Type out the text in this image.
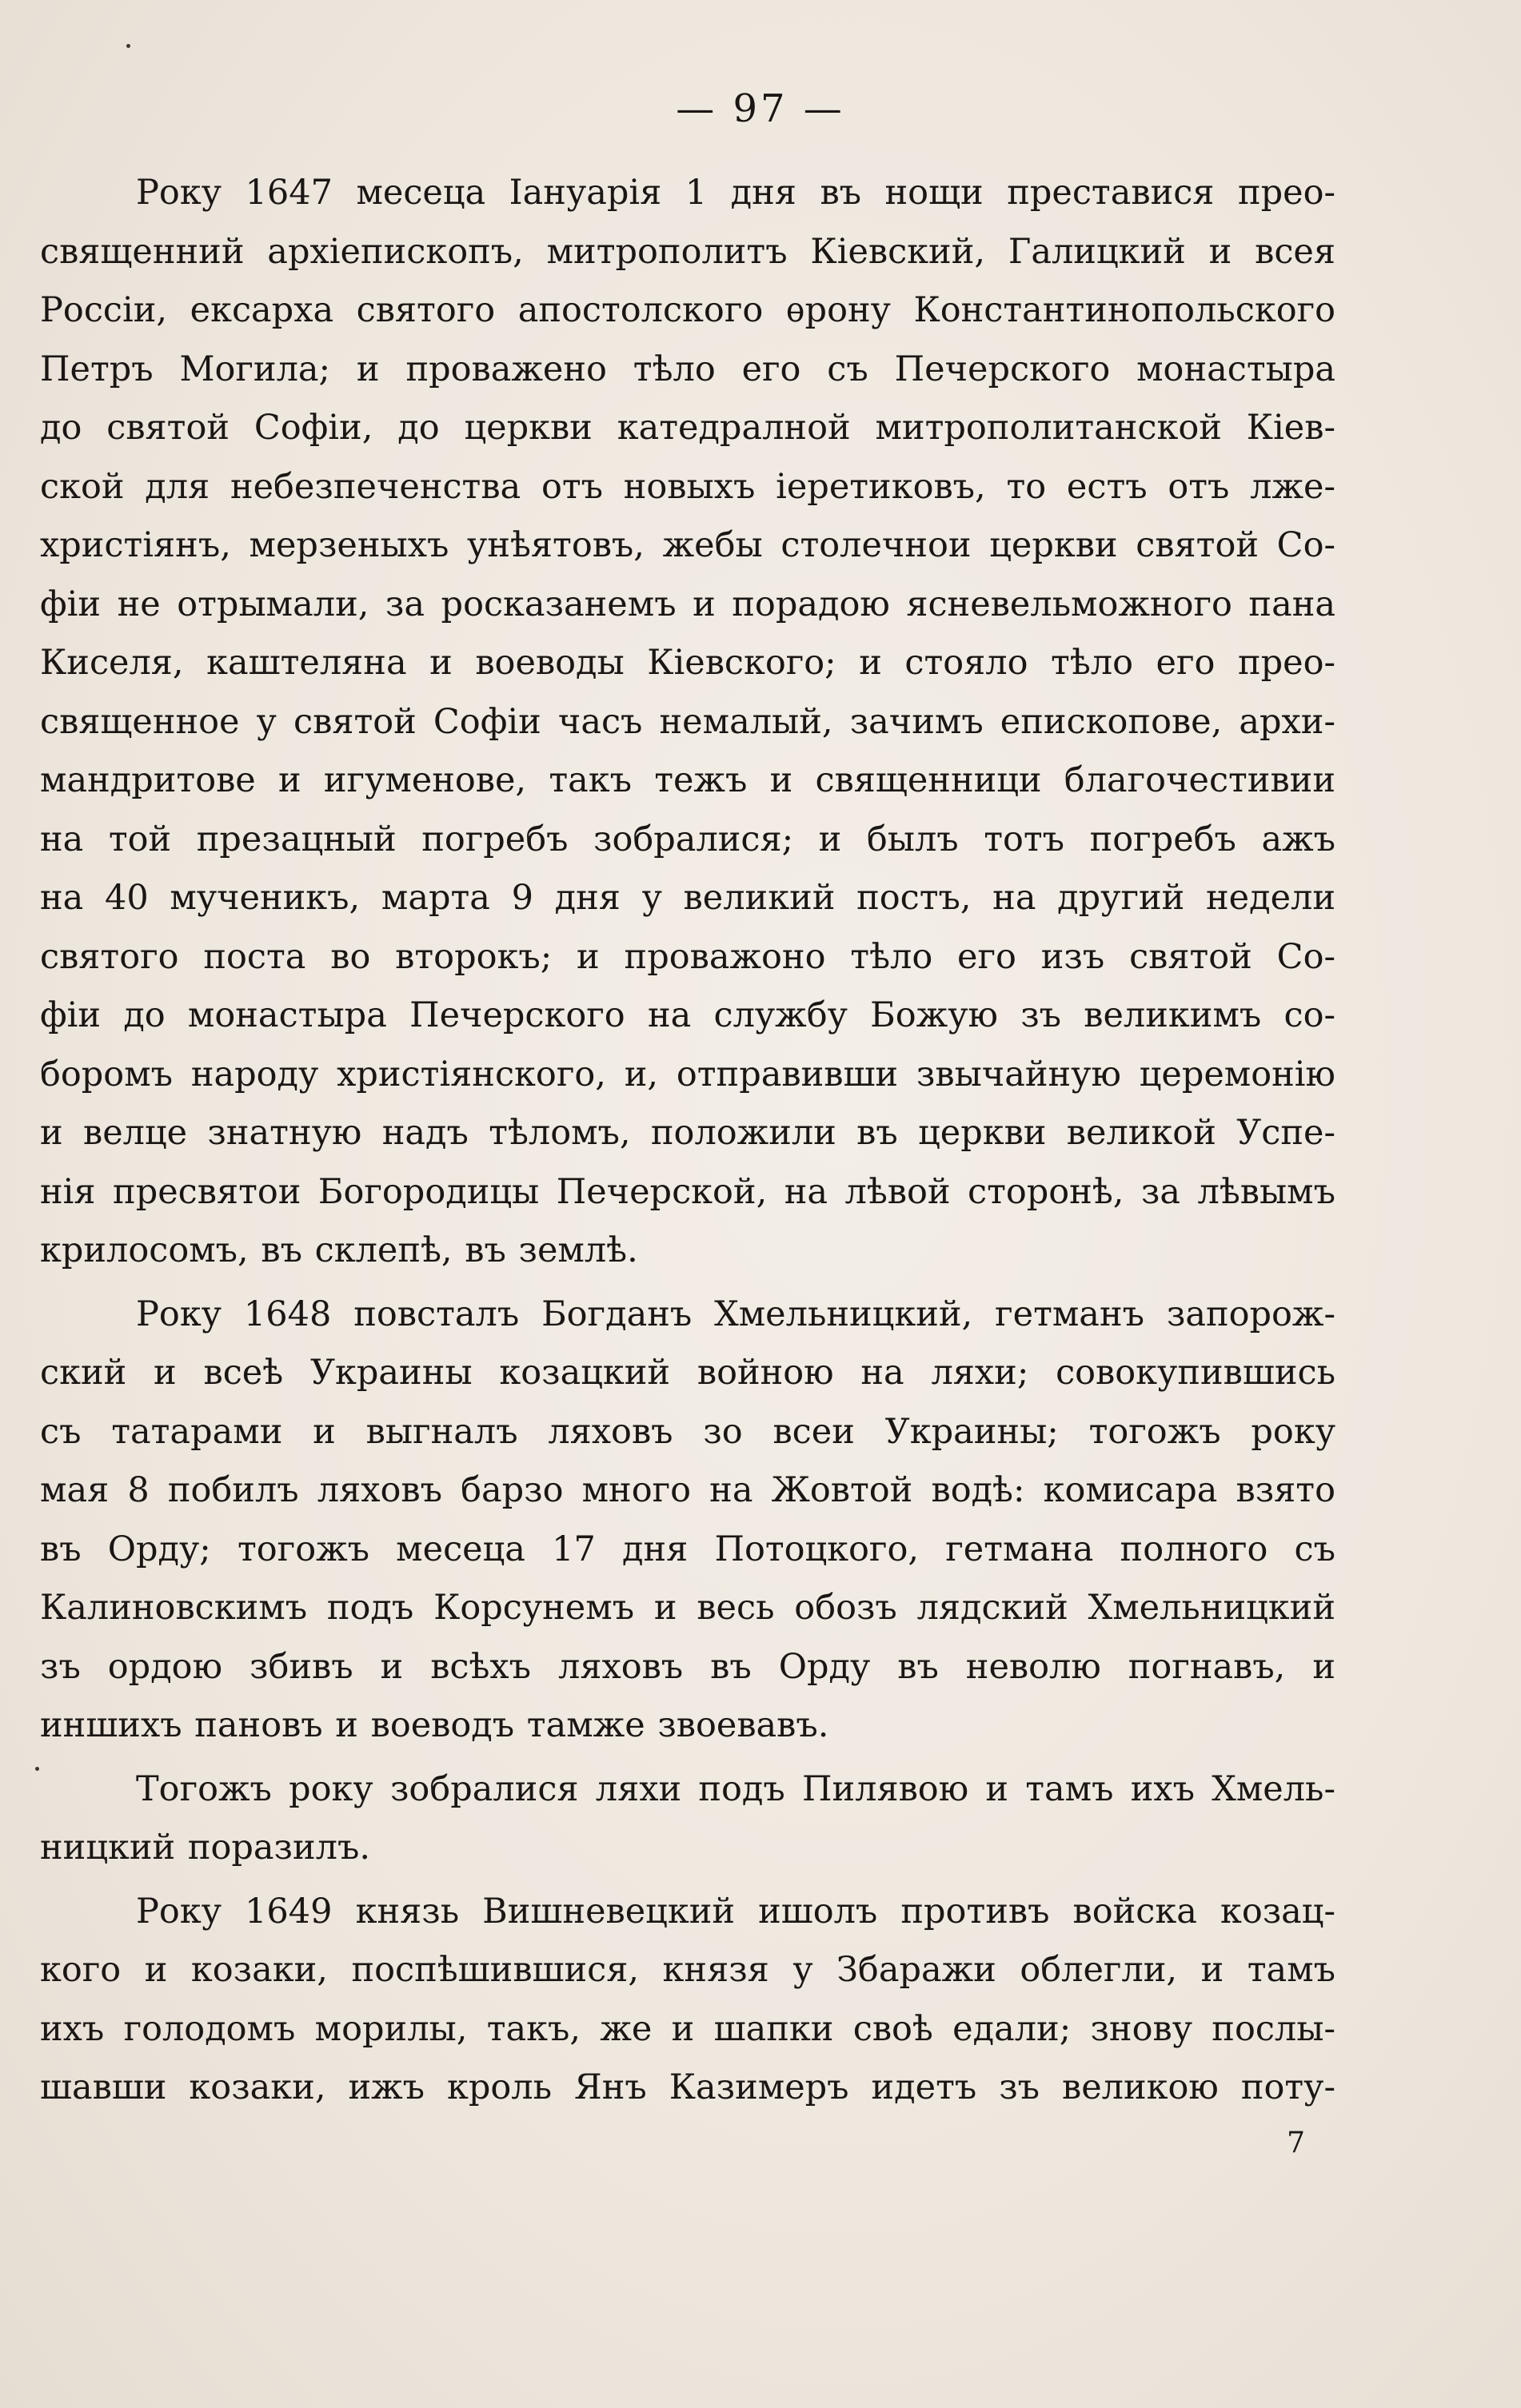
— 97 —

Року 1647 месеца Іануарія 1 дня въ нощи преставися прео-
священний архіепископъ, митрополитъ Кіевский, Галицкий и всея
Россіи, ексарха святого апостолского ѳрону Константинопольского
Петръ Могила; и проважено тѣло его съ Печерского монастыра
до святой Софіи, до церкви катедралной митрополитанской Кіев-
ской для небезпеченства отъ новыхъ іеретиковъ, то естъ отъ лже-
христіянъ, мерзеныхъ унѣятовъ, жебы столечнои церкви святой Со-
фіи не отрымали, за росказанемъ и порадою ясневельможного пана
Киселя, каштеляна и воеводы Кіевского; и стояло тѣло его прео-
священное у святой Софіи часъ немалый, зачимъ епископове, архи-
мандритове и игуменове, такъ тежъ и священници благочестивии
на той презацный погребъ зобралися; и былъ тотъ погребъ ажъ
на 40 мученикъ, марта 9 дня у великий постъ, на другий недели
святого поста во второкъ; и проважоно тѣло его изъ святой Со-
фіи до монастыра Печерского на службу Божую зъ великимъ со-
боромъ народу христіянского, и, отправивши звычайную церемонію
и велце знатную надъ тѣломъ, положили въ церкви великой Успе-
нія пресвятои Богородицы Печерской, на лѣвой сторонѣ, за лѣвымъ
крилосомъ, въ склепѣ, въ землѣ.

Року 1648 повсталъ Богданъ Хмельницкий, гетманъ запорож-
ский и всеѣ Украины козацкий войною на ляхи; совокупившись
съ татарами и выгналъ ляховъ зо всеи Украины; тогожъ року
мая 8 побилъ ляховъ барзо много на Жовтой водѣ: комисара взято
въ Орду; тогожъ месеца 17 дня Потоцкого, гетмана полного съ
Калиновскимъ подъ Корсунемъ и весь обозъ лядский Хмельницкий
зъ ордою збивъ и всѣхъ ляховъ въ Орду въ неволю погнавъ, и
иншихъ пановъ и воеводъ тамже звоевавъ.

Тогожъ року зобралися ляхи подъ Пилявою и тамъ ихъ Хмель-
ницкий поразилъ.

Року 1649 князь Вишневецкий ишолъ противъ войска козац-
кого и козаки, поспѣшившися, князя у Збаражи облегли, и тамъ
ихъ голодомъ морилы, такъ, же и шапки своѣ едали; знову послы-
шавши козаки, ижъ кроль Янъ Казимеръ идетъ зъ великою поту-

7
